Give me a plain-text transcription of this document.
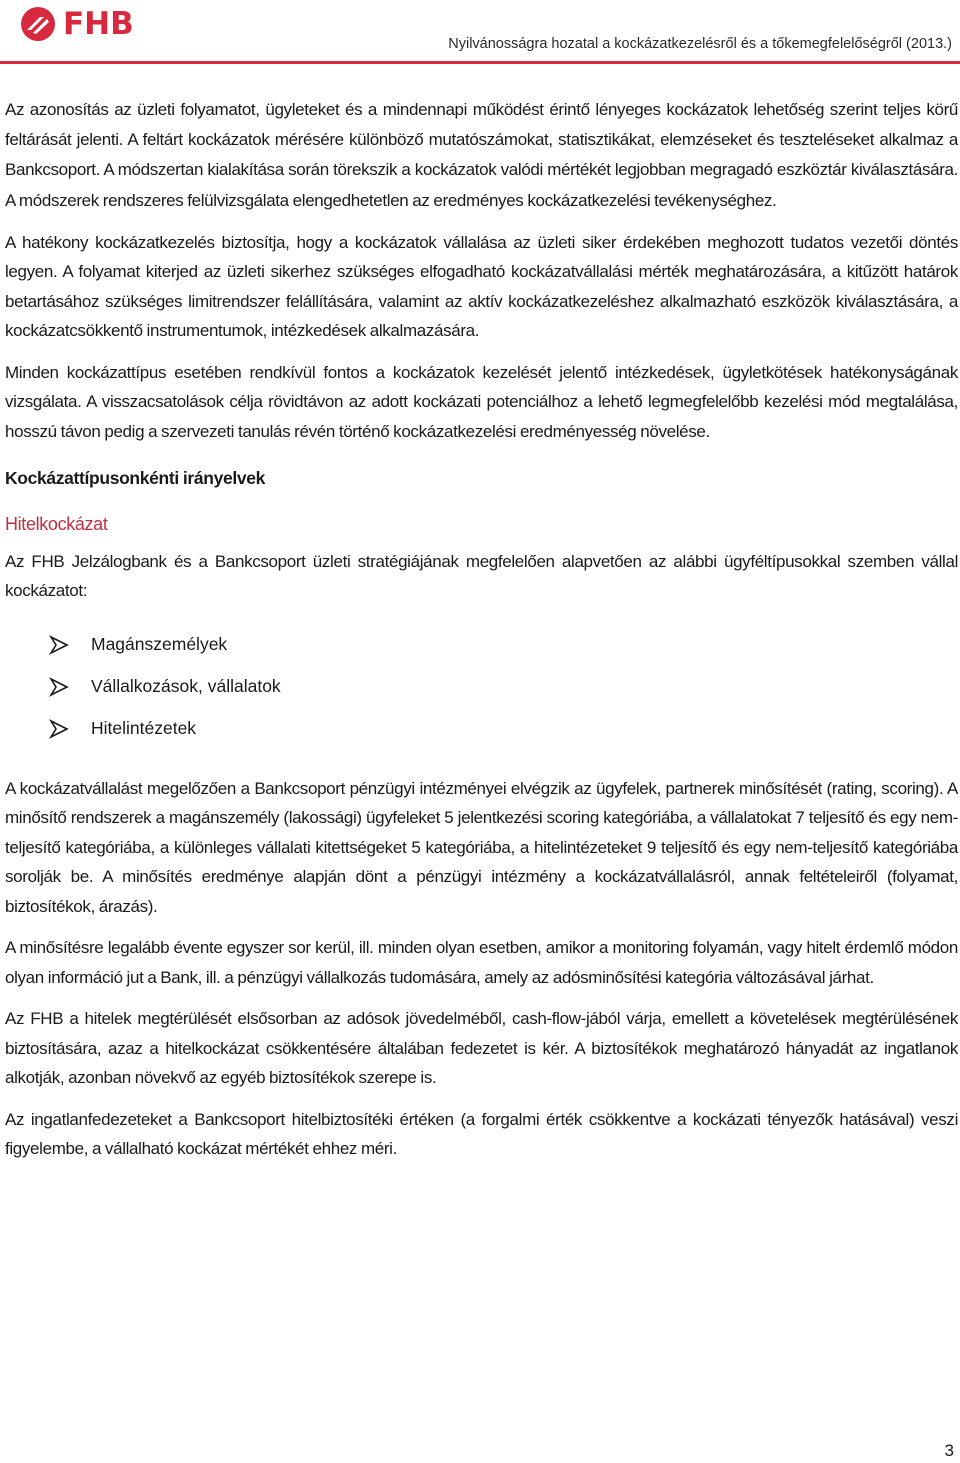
FHB
Nyilvánosságra hozatal a kockázatkezelésről és a tőkemegfelelőségről (2013.)

Az azonosítás az üzleti folyamatot, ügyleteket és a mindennapi működést érintő lényeges kockázatok lehetőség szerint teljes körű feltárását jelenti. A feltárt kockázatok mérésére különböző mutatószámokat, statisztikákat, elemzéseket és teszteléseket alkalmaz a Bankcsoport. A módszertan kialakítása során törekszik a kockázatok valódi mértékét legjobban megragadó eszköztár kiválasztására. A módszerek rendszeres felülvizsgálata elengedhetetlen az eredményes kockázatkezelési tevékenységhez.

A hatékony kockázatkezelés biztosítja, hogy a kockázatok vállalása az üzleti siker érdekében meghozott tudatos vezetői döntés legyen. A folyamat kiterjed az üzleti sikerhez szükséges elfogadható kockázatvállalási mérték meghatározására, a kitűzött határok betartásához szükséges limitrendszer felállítására, valamint az aktív kockázatkezeléshez alkalmazható eszközök kiválasztására, a kockázatcsökkentő instrumentumok, intézkedések alkalmazására.

Minden kockázattípus esetében rendkívül fontos a kockázatok kezelését jelentő intézkedések, ügyletkötések hatékonyságának vizsgálata. A visszacsatolások célja rövidtávon az adott kockázati potenciálhoz a lehető legmegfelelőbb kezelési mód megtalálása, hosszú távon pedig a szervezeti tanulás révén történő kockázatkezelési eredményesség növelése.

Kockázattípusonkénti irányelvek

Hitelkockázat

Az FHB Jelzálogbank és a Bankcsoport üzleti stratégiájának megfelelően alapvetően az alábbi ügyféltípusokkal szemben vállal kockázatot:

Magánszemélyek
Vállalkozások, vállalatok
Hitelintézetek

A kockázatvállalást megelőzően a Bankcsoport pénzügyi intézményei elvégzik az ügyfelek, partnerek minősítését (rating, scoring). A minősítő rendszerek a magánszemély (lakossági) ügyfeleket 5 jelentkezési scoring kategóriába, a vállalatokat 7 teljesítő és egy nem-teljesítő kategóriába, a különleges vállalati kitettségeket 5 kategóriába, a hitelintézeteket 9 teljesítő és egy nem-teljesítő kategóriába sorolják be. A minősítés eredménye alapján dönt a pénzügyi intézmény a kockázatvállalásról, annak feltételeiről (folyamat, biztosítékok, árazás).

A minősítésre legalább évente egyszer sor kerül, ill. minden olyan esetben, amikor a monitoring folyamán, vagy hitelt érdemlő módon olyan információ jut a Bank, ill. a pénzügyi vállalkozás tudomására, amely az adósminősítési kategória változásával járhat.

Az FHB a hitelek megtérülését elsősorban az adósok jövedelméből, cash-flow-jából várja, emellett a követelések megtérülésének biztosítására, azaz a hitelkockázat csökkentésére általában fedezetet is kér. A biztosítékok meghatározó hányadát az ingatlanok alkotják, azonban növekvő az egyéb biztosítékok szerepe is.

Az ingatlanfedezeteket a Bankcsoport hitelbiztosítéki értéken (a forgalmi érték csökkentve a kockázati tényezők hatásával) veszi figyelembe, a vállalható kockázat mértékét ehhez méri.

3
